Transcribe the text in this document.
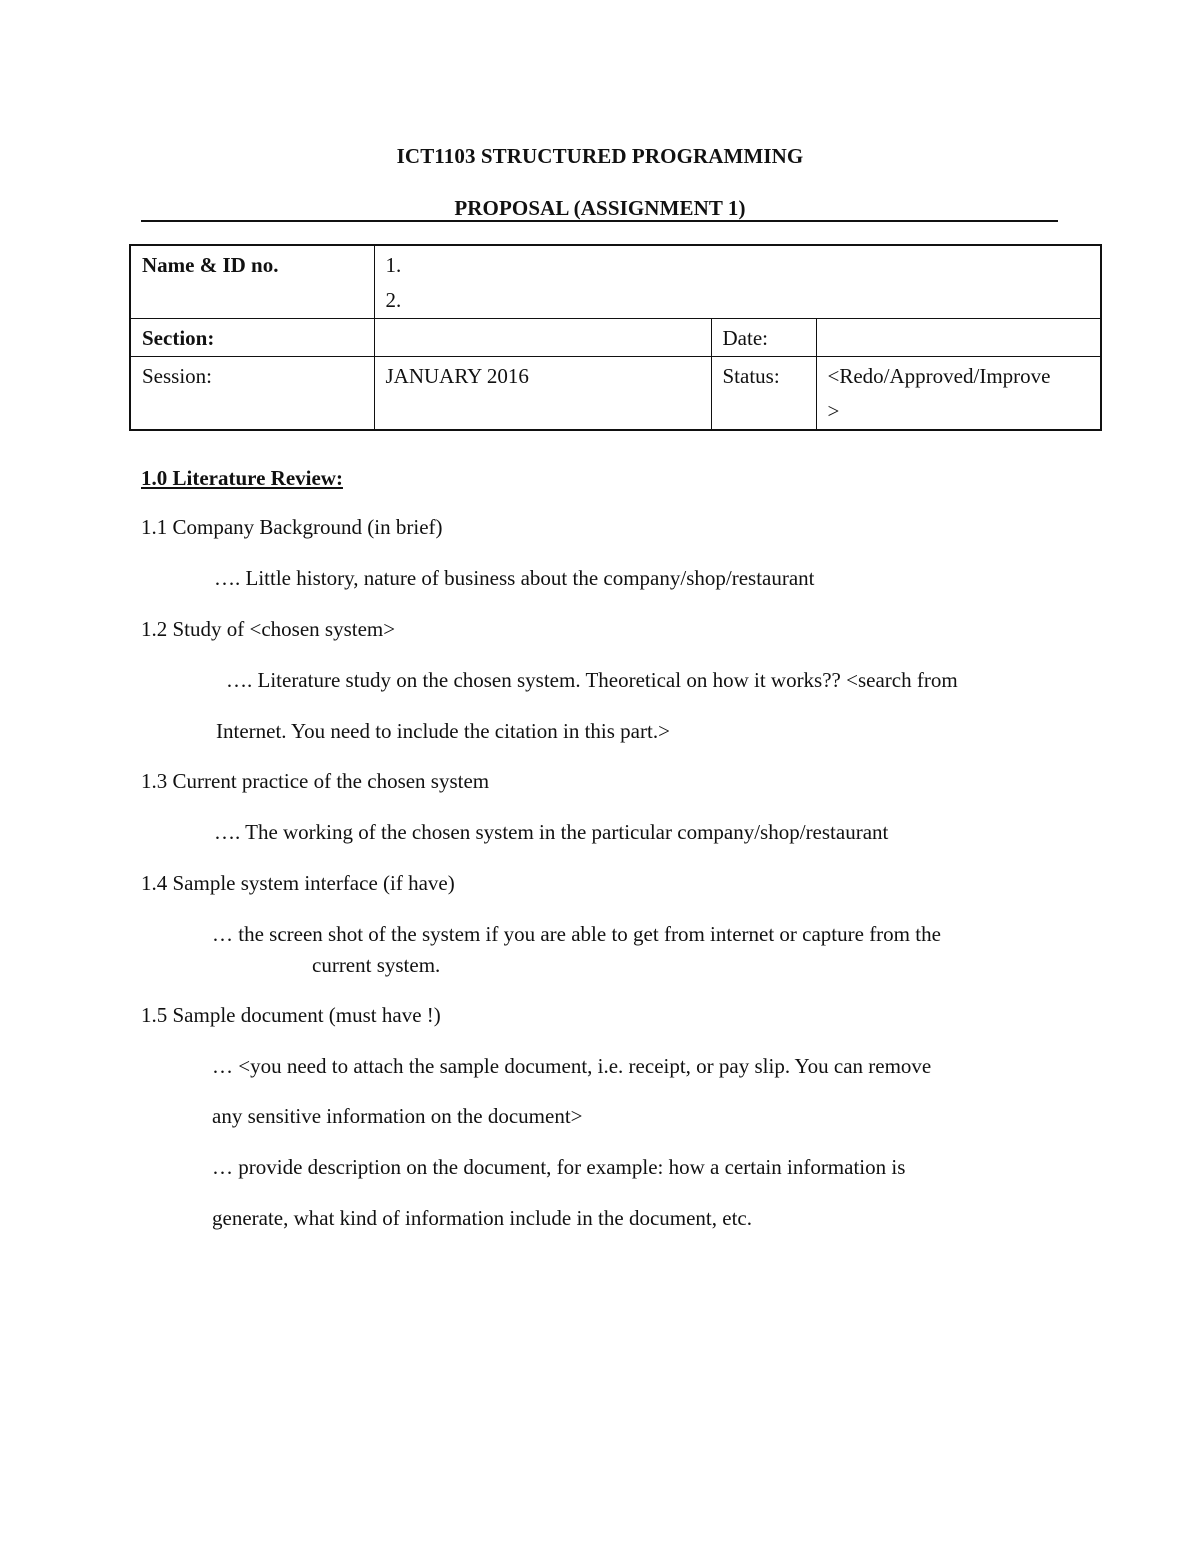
ICT1103 STRUCTURED PROGRAMMING
PROPOSAL (ASSIGNMENT 1)
Name & ID no.	1.
2.		

Section:		Date:	
Session:	JANUARY 2016	Status:	<Redo/Approved/Improve
>
1.0 Literature Review:
1.1 Company Background (in brief)
…. Little history, nature of business about the company/shop/restaurant
1.2 Study of <chosen system>
…. Literature study on the chosen system. Theoretical on how it works?? <search from
Internet. You need to include the citation in this part.>
1.3 Current practice of the chosen system
…. The working of the chosen system in the particular company/shop/restaurant
1.4 Sample system interface (if have)
… the screen shot of the system if you are able to get from internet or capture from the
current system.
1.5 Sample document (must have !)
… <you need to attach the sample document, i.e. receipt, or pay slip. You can remove
any sensitive information on the document>
… provide description on the document, for example: how a certain information is
generate, what kind of information include in the document, etc.
